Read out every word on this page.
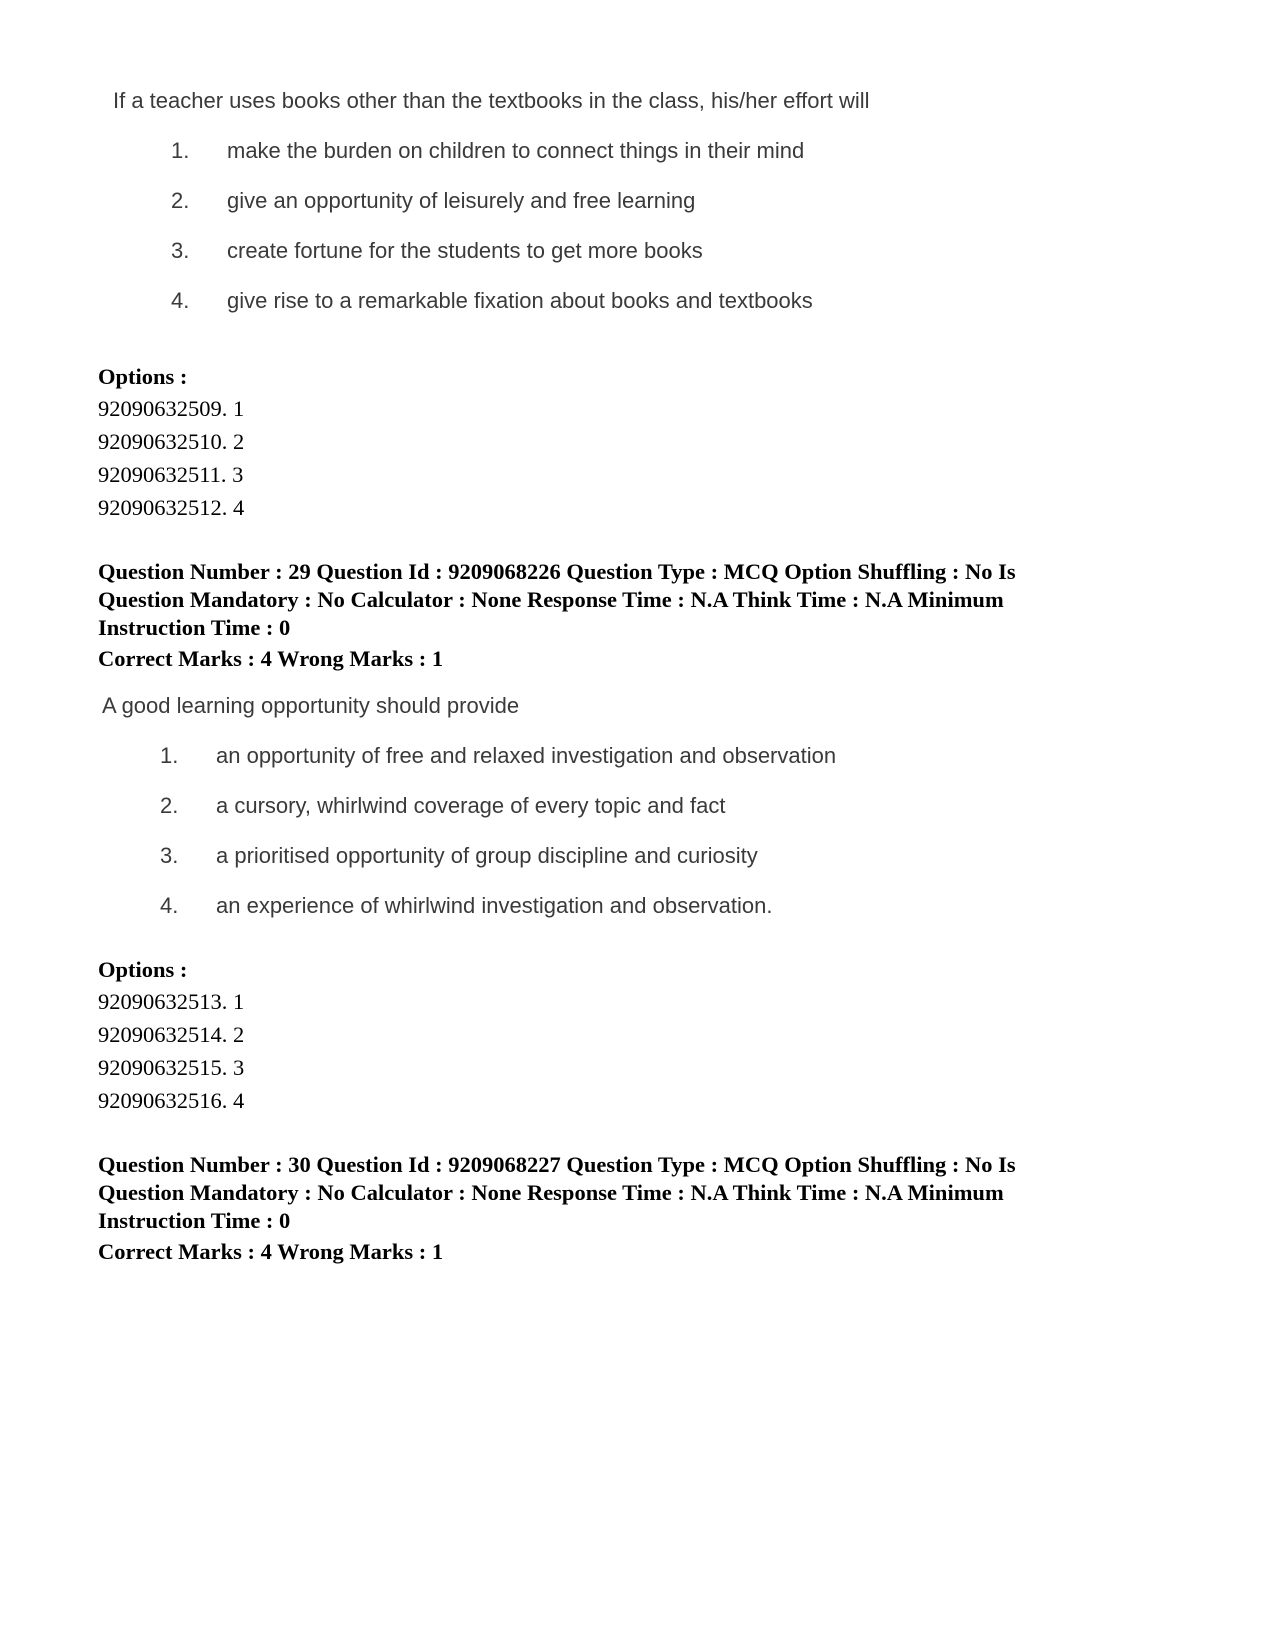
If a teacher uses books other than the textbooks in the class, his/her effort will
1. make the burden on children to connect things in their mind
2. give an opportunity of leisurely and free learning
3. create fortune for the students to get more books
4. give rise to a remarkable fixation about books and textbooks
Options :
92090632509. 1
92090632510. 2
92090632511. 3
92090632512. 4
Question Number : 29 Question Id : 9209068226 Question Type : MCQ Option Shuffling : No Is
Question Mandatory : No Calculator : None Response Time : N.A Think Time : N.A Minimum
Instruction Time : 0
Correct Marks : 4 Wrong Marks : 1
A good learning opportunity should provide
1. an opportunity of free and relaxed investigation and observation
2. a cursory, whirlwind coverage of every topic and fact
3. a prioritised opportunity of group discipline and curiosity
4. an experience of whirlwind investigation and observation.
Options :
92090632513. 1
92090632514. 2
92090632515. 3
92090632516. 4
Question Number : 30 Question Id : 9209068227 Question Type : MCQ Option Shuffling : No Is
Question Mandatory : No Calculator : None Response Time : N.A Think Time : N.A Minimum
Instruction Time : 0
Correct Marks : 4 Wrong Marks : 1
